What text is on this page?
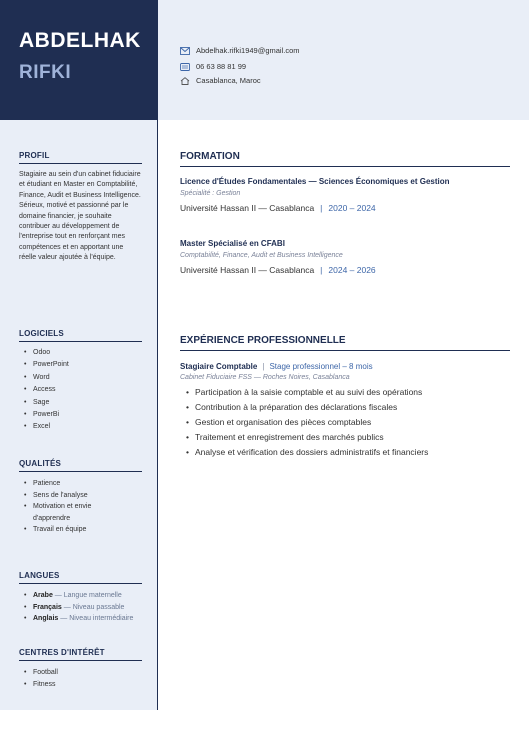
ABDELHAK
RIFKI
Abdelhak.rifki1949@gmail.com
06 63 88 81 99
Casablanca, Maroc
PROFIL
Stagiaire au sein d'un cabinet fiduciaire et étudiant en Master en Comptabilité, Finance, Audit et Business Intelligence. Sérieux, motivé et passionné par le domaine financier, je souhaite contribuer au développement de l'entreprise tout en renforçant mes compétences et en apportant une réelle valeur ajoutée à l'équipe.
LOGICIELS
• Odoo
• PowerPoint
• Word
• Access
• Sage
• PowerBi
• Excel
QUALITÉS
• Patience
• Sens de l'analyse
• Motivation et envie d'apprendre
• Travail en équipe
LANGUES
• Arabe — Langue maternelle
• Français — Niveau passable
• Anglais — Niveau intermédiaire
CENTRES D'INTÉRÊT
• Football
• Fitness
FORMATION
Licence d'Études Fondamentales — Sciences Économiques et Gestion
Spécialité : Gestion
Université Hassan II — Casablanca | 2020 – 2024
Master Spécialisé en CFABI
Comptabilité, Finance, Audit et Business Intelligence
Université Hassan II — Casablanca | 2024 – 2026
EXPÉRIENCE PROFESSIONNELLE
Stagiaire Comptable | Stage professionnel – 8 mois
Cabinet Fiduciaire FSS — Roches Noires, Casablanca
• Participation à la saisie comptable et au suivi des opérations
• Contribution à la préparation des déclarations fiscales
• Gestion et organisation des pièces comptables
• Traitement et enregistrement des marchés publics
• Analyse et vérification des dossiers administratifs et financiers
